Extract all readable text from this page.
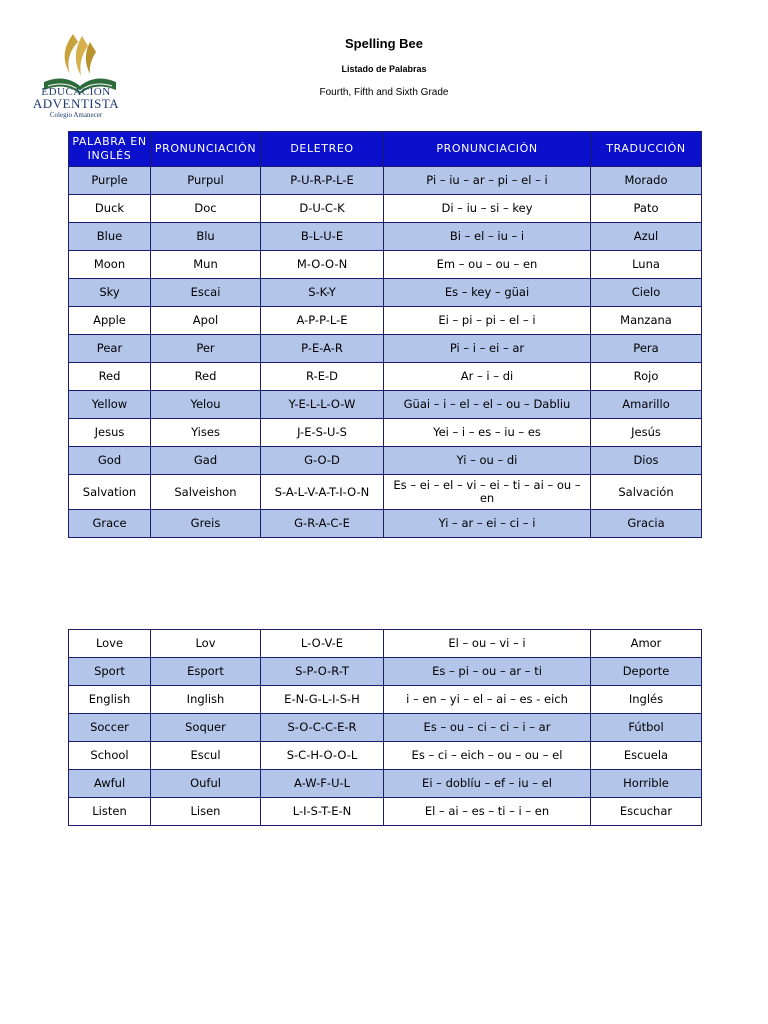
EDUCACIÓN
ADVENTISTA
Colegio Amanecer
Spelling Bee
Listado de Palabras
Fourth, Fifth and Sixth Grade
PALABRA EN INGLÉS	PRONUNCIACIÓN	DELETREO	PRONUNCIACIÓN	TRADUCCIÓN
Purple	Purpul	P-U-R-P-L-E	Pi – iu – ar – pi – el – i	Morado
Duck	Doc	D-U-C-K	Di – iu – si – key	Pato
Blue	Blu	B-L-U-E	Bi – el – iu – i	Azul
Moon	Mun	M-O-O-N	Em – ou – ou – en	Luna
Sky	Escai	S-K-Y	Es – key – güai	Cielo
Apple	Apol	A-P-P-L-E	Ei – pi – pi – el – i	Manzana
Pear	Per	P-E-A-R	Pi – i – ei – ar	Pera
Red	Red	R-E-D	Ar – i – di	Rojo
Yellow	Yelou	Y-E-L-L-O-W	Güai – i – el – el – ou – Dabliu	Amarillo
Jesus	Yises	J-E-S-U-S	Yei – i – es – iu – es	Jesús
God	Gad	G-O-D	Yi – ou – di	Dios
Salvation	Salveishon	S-A-L-V-A-T-I-O-N	Es – ei – el – vi – ei – ti – ai – ou – en	Salvación
Grace	Greis	G-R-A-C-E	Yi – ar – ei – ci – i	Gracia
Love	Lov	L-O-V-E	El – ou – vi – i	Amor
Sport	Esport	S-P-O-R-T	Es – pi – ou – ar – ti	Deporte
English	Inglish	E-N-G-L-I-S-H	i – en – yi – el – ai – es - eich	Inglés
Soccer	Soquer	S-O-C-C-E-R	Es – ou – ci – ci – i – ar	Fútbol
School	Escul	S-C-H-O-O-L	Es – ci – eich – ou – ou – el	Escuela
Awful	Ouful	A-W-F-U-L	Ei – doblíu – ef – iu – el	Horrible
Listen	Lisen	L-I-S-T-E-N	El – ai – es – ti – i – en	Escuchar
